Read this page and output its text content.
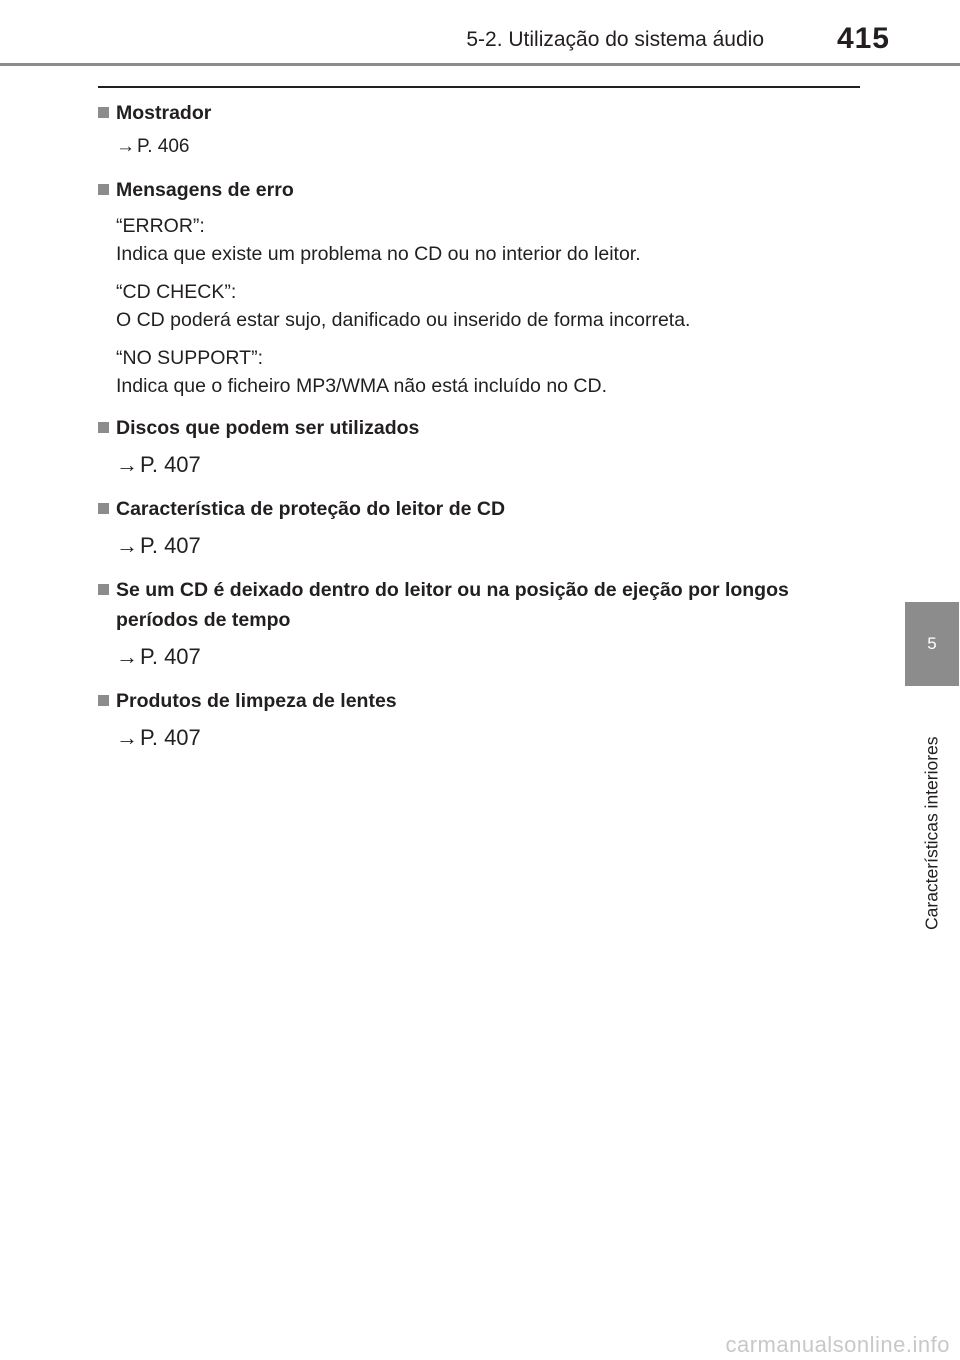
5-2. Utilização do sistema áudio 415
Mostrador
→ P. 406
Mensagens de erro
“ERROR”:
Indica que existe um problema no CD ou no interior do leitor.
“CD CHECK”:
O CD poderá estar sujo, danificado ou inserido de forma incorreta.
“NO SUPPORT”:
Indica que o ficheiro MP3/WMA não está incluído no CD.
Discos que podem ser utilizados
→P. 407
Característica de proteção do leitor de CD
→P. 407
Se um CD é deixado dentro do leitor ou na posição de ejeção por longos períodos de tempo
→P. 407
Produtos de limpeza de lentes
→P. 407
5
Características interiores
carmanualsonline.info
